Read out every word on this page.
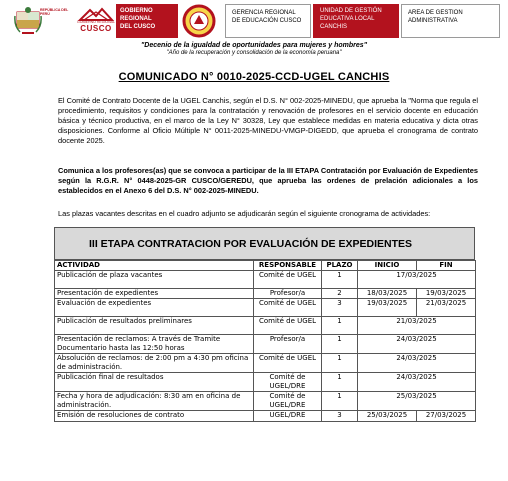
REPÚBLICA DEL PERÚ
GOBIERNO REGIONAL
CUSCO
GOBIERNO
REGIONAL
DEL CUSCO
GERENCIA REGIONAL
DE EDUCACIÓN CUSCO
UNIDAD DE GESTIÓN
EDUCATIVA LOCAL
CANCHIS
AREA DE GESTION
ADMINISTRATIVA
"Decenio de la igualdad de oportunidades para mujeres y hombres"
"Año de la recuperación y consolidación de la economía peruana"
COMUNICADO N° 0010-2025-CCD-UGEL CANCHIS
El Comité de Contrato Docente de la UGEL Canchis, según el D.S. N° 002-2025-MINEDU, que aprueba la "Norma que regula el procedimiento, requisitos y condiciones para la contratación y renovación de profesores en el servicio docente en educación básica y técnico productiva, en el marco de la Ley N° 30328, Ley que establece medidas en materia educativa y dicta otras disposiciones. Conforme al Oficio Múltiple N° 0011-2025-MINEDU-VMGP-DIGEDD, que aprueba el cronograma de contrato docente 2025.
Comunica a los profesores(as) que se convoca a participar de la III ETAPA Contratación por Evaluación de Expedientes según la R.G.R. N° 0448-2025-GR CUSCO/GEREDU, que aprueba las ordenes de prelación adicionales a los establecidos en el Anexo 6 del D.S. N° 002-2025-MINEDU.
Las plazas vacantes descritas en el cuadro adjunto se adjudicarán según el siguiente cronograma de actividades:
III ETAPA CONTRATACION POR EVALUACIÓN DE EXPEDIENTES
ACTIVIDAD	RESPONSABLE	PLAZO	INICIO	FIN
Publicación de plaza vacantes	Comité de UGEL	1	17/03/2025	
Presentación de expedientes	Profesor/a	2	18/03/2025	19/03/2025
Evaluación de expedientes	Comité de UGEL	3	19/03/2025	21/03/2025
Publicación de resultados preliminares	Comité de UGEL	1	21/03/2025	
Presentación de reclamos: A través de Tramite Documentario hasta las 12:50 horas	Profesor/a	1	24/03/2025	
Absolución de reclamos: de 2:00 pm a 4:30 pm oficina de administración.	Comité de UGEL	1	24/03/2025	
Publicación final de resultados	Comité de UGEL/DRE	1	24/03/2025	
Fecha y hora de adjudicación: 8:30 am en oficina de administración.	Comité de UGEL/DRE	1	25/03/2025	
Emisión de resoluciones de contrato	UGEL/DRE	3	25/03/2025	27/03/2025
